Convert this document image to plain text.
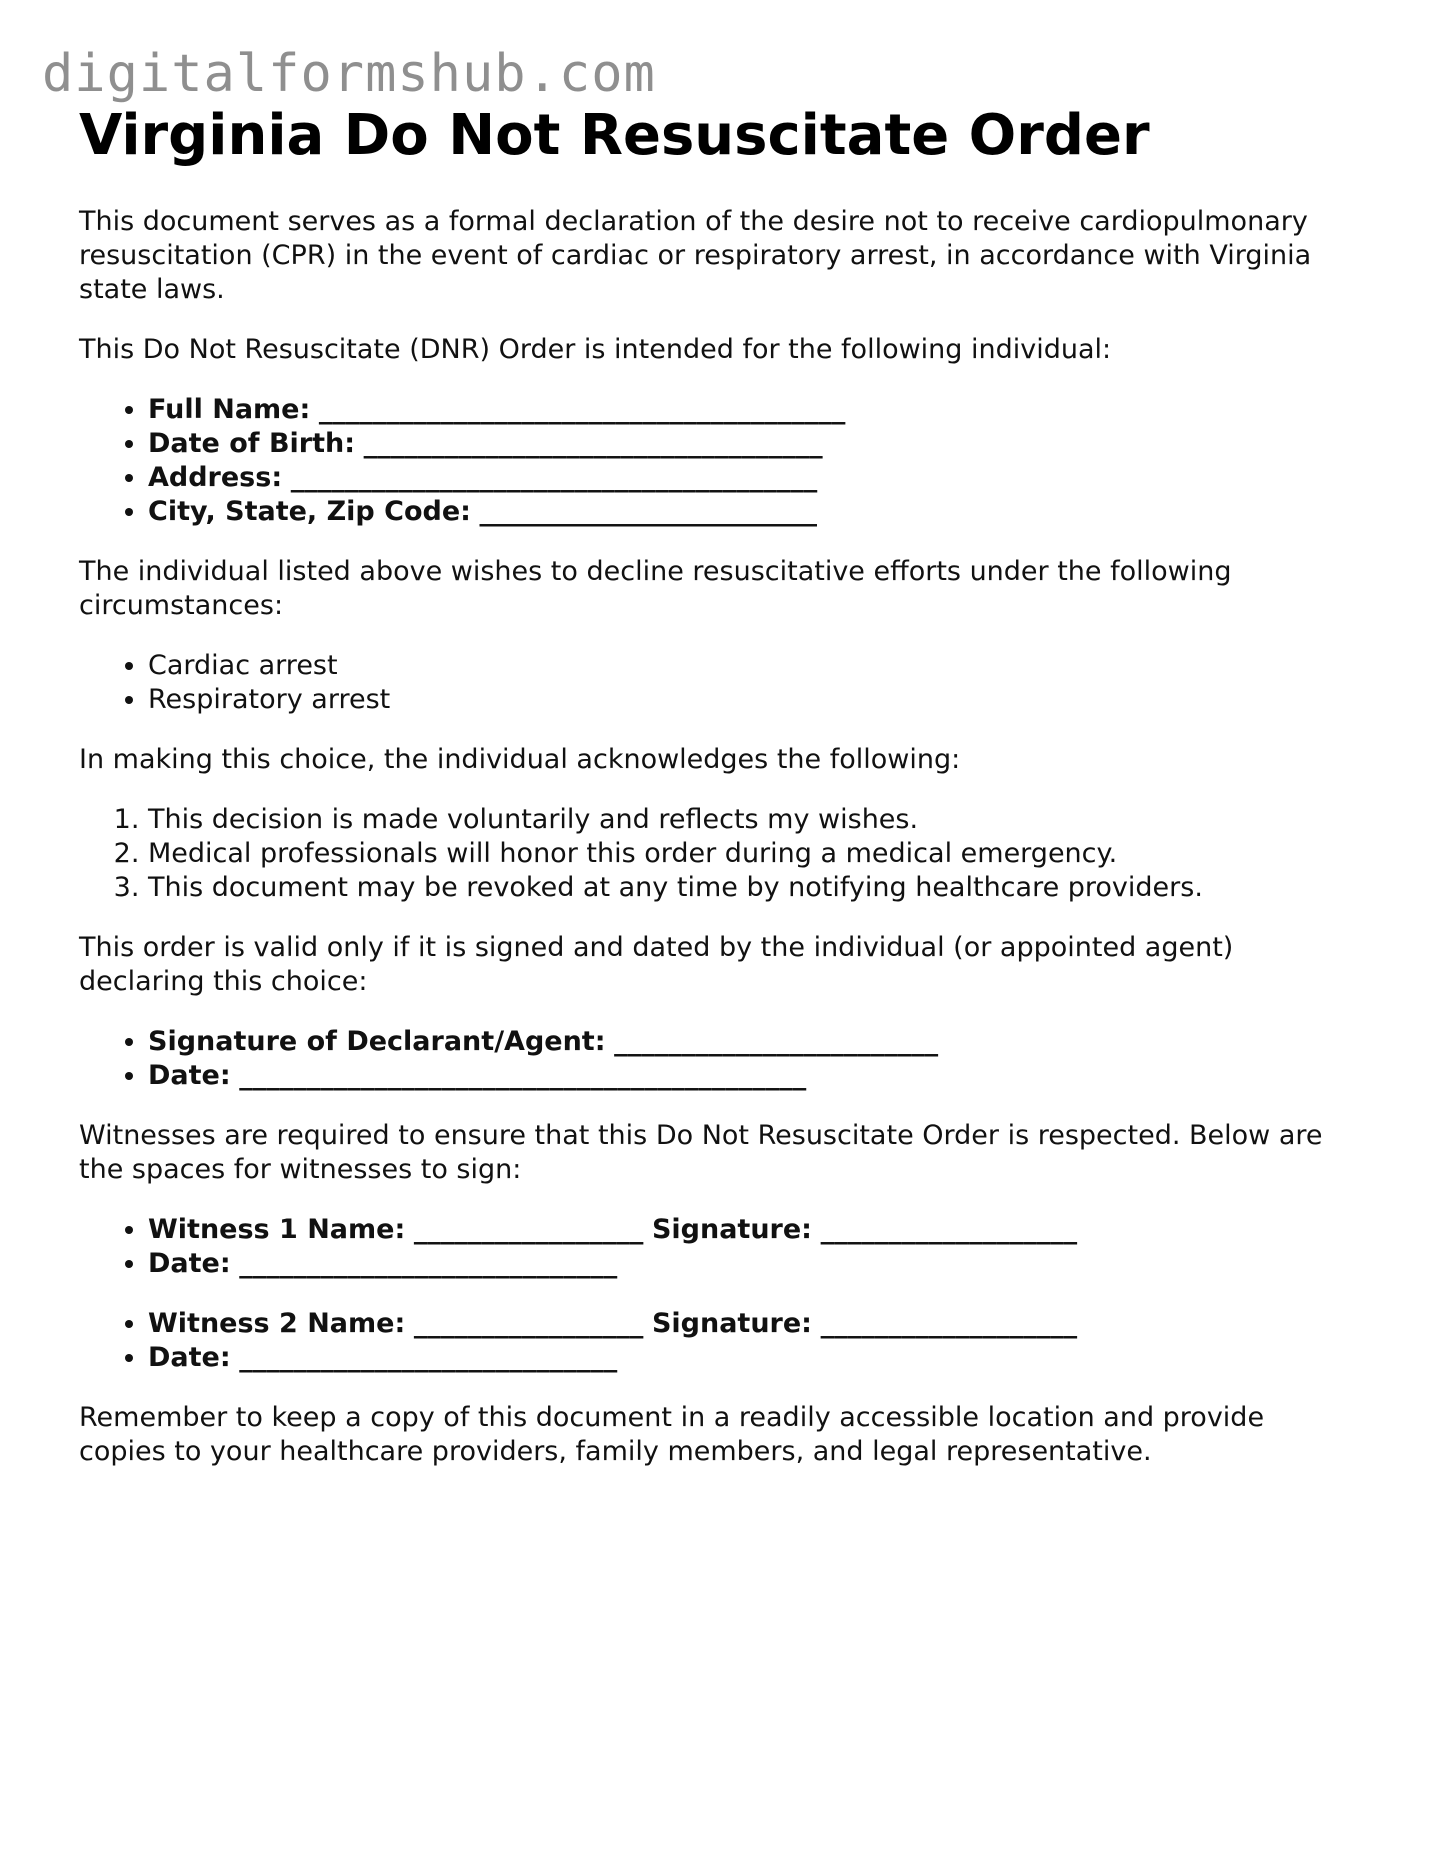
digitalformshub.com
Virginia Do Not Resuscitate Order

This document serves as a formal declaration of the desire not to receive cardiopulmonary resuscitation (CPR) in the event of cardiac or respiratory arrest, in accordance with Virginia state laws.

This Do Not Resuscitate (DNR) Order is intended for the following individual:

• Full Name: _______________________________________
• Date of Birth: __________________________________
• Address: _______________________________________
• City, State, Zip Code: _________________________

The individual listed above wishes to decline resuscitative efforts under the following circumstances:

• Cardiac arrest
• Respiratory arrest

In making this choice, the individual acknowledges the following:

1. This decision is made voluntarily and reflects my wishes.
2. Medical professionals will honor this order during a medical emergency.
3. This document may be revoked at any time by notifying healthcare providers.

This order is valid only if it is signed and dated by the individual (or appointed agent) declaring this choice:

• Signature of Declarant/Agent: ________________________
• Date: __________________________________________

Witnesses are required to ensure that this Do Not Resuscitate Order is respected. Below are the spaces for witnesses to sign:

• Witness 1 Name: _________________ Signature: ___________________
• Date: ____________________________
• Witness 2 Name: _________________ Signature: ___________________
• Date: ____________________________

Remember to keep a copy of this document in a readily accessible location and provide copies to your healthcare providers, family members, and legal representative.
